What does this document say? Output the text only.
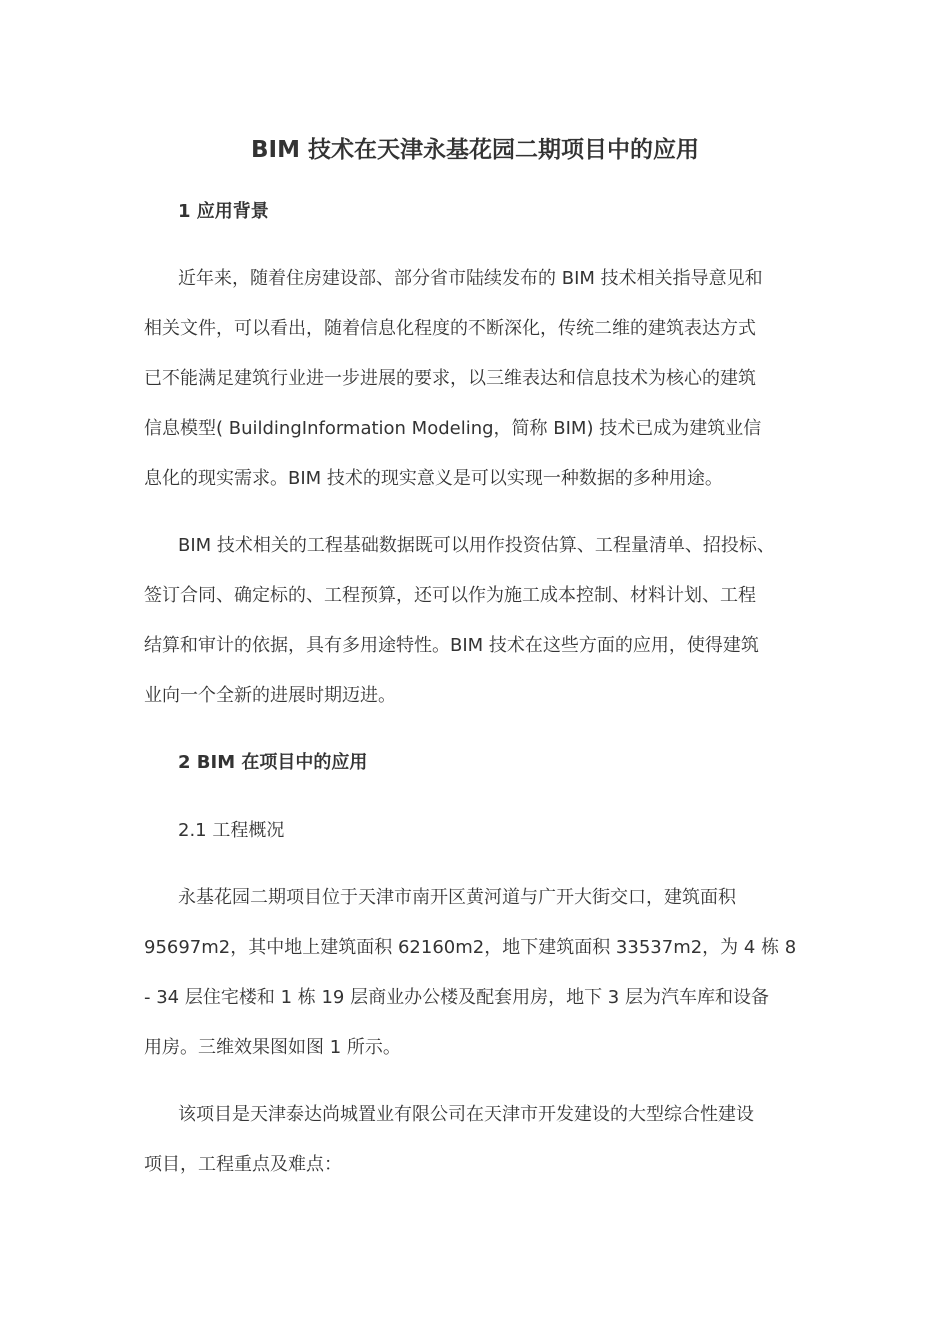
BIM 技术在天津永基花园二期项目中的应用
1 应用背景
近年来，随着住房建设部、部分省市陆续发布的 BIM 技术相关指导意见和
相关文件，可以看出，随着信息化程度的不断深化，传统二维的建筑表达方式
已不能满足建筑行业进一步进展的要求，以三维表达和信息技术为核心的建筑
信息模型( BuildingInformation Modeling，简称 BIM) 技术已成为建筑业信
息化的现实需求。BIM 技术的现实意义是可以实现一种数据的多种用途。
BIM 技术相关的工程基础数据既可以用作投资估算、工程量清单、招投标、
签订合同、确定标的、工程预算，还可以作为施工成本控制、材料计划、工程
结算和审计的依据，具有多用途特性。BIM 技术在这些方面的应用，使得建筑
业向一个全新的进展时期迈进。
2 BIM 在项目中的应用
2.1 工程概况
永基花园二期项目位于天津市南开区黄河道与广开大街交口，建筑面积
95697m2，其中地上建筑面积 62160m2，地下建筑面积 33537m2，为 4 栋 8
- 34 层住宅楼和 1 栋 19 层商业办公楼及配套用房，地下 3 层为汽车库和设备
用房。三维效果图如图 1 所示。
该项目是天津泰达尚城置业有限公司在天津市开发建设的大型综合性建设
项目，工程重点及难点：
